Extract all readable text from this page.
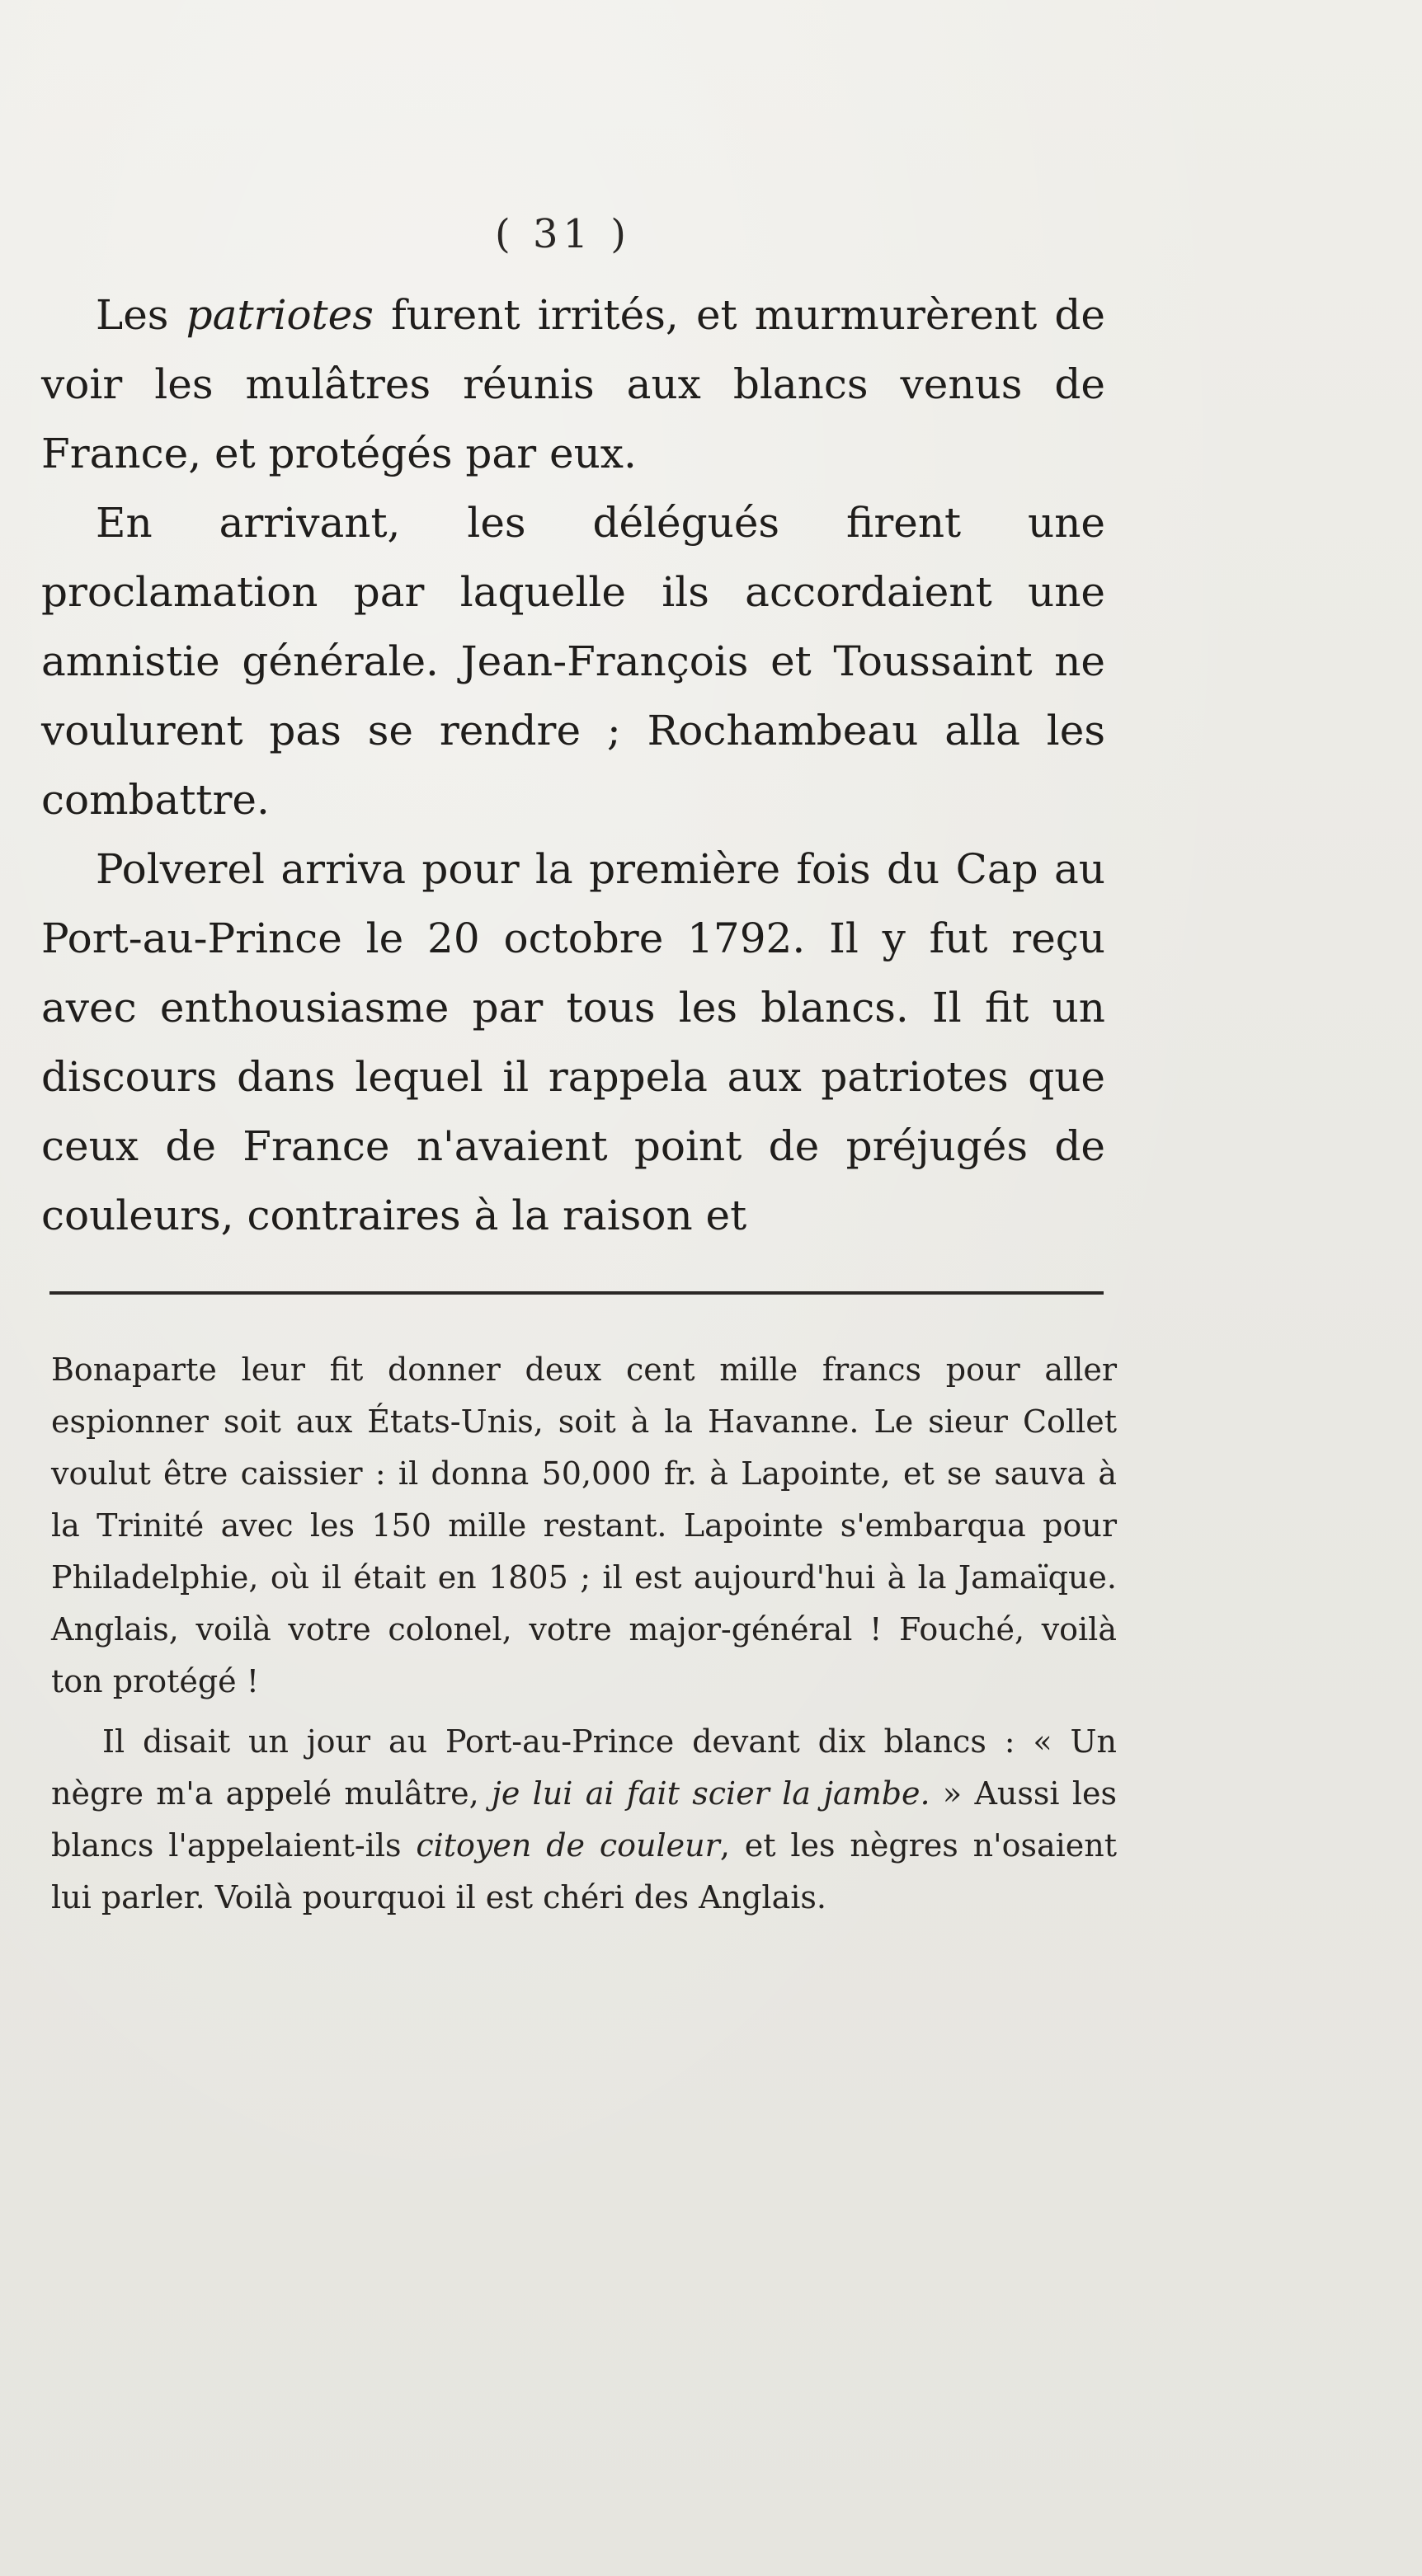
( 31 )

Les patriotes furent irrités, et murmurèrent de voir les mulâtres réunis aux blancs venus de France, et protégés par eux.

En arrivant, les délégués firent une proclamation par laquelle ils accordaient une amnistie générale. Jean-François et Toussaint ne voulurent pas se rendre ; Rochambeau alla les combattre.

Polverel arriva pour la première fois du Cap au Port-au-Prince le 20 octobre 1792. Il y fut reçu avec enthousiasme par tous les blancs. Il fit un discours dans lequel il rappela aux patriotes que ceux de France n'avaient point de préjugés de couleurs, contraires à la raison et

Bonaparte leur fit donner deux cent mille francs pour aller espionner soit aux États-Unis, soit à la Havanne. Le sieur Collet voulut être caissier : il donna 50,000 fr. à Lapointe, et se sauva à la Trinité avec les 150 mille restant. Lapointe s'embarqua pour Philadelphie, où il était en 1805 ; il est aujourd'hui à la Jamaïque. Anglais, voilà votre colonel, votre major-général ! Fouché, voilà ton protégé !

Il disait un jour au Port-au-Prince devant dix blancs : « Un nègre m'a appelé mulâtre, je lui ai fait scier la jambe. » Aussi les blancs l'appelaient-ils citoyen de couleur, et les nègres n'osaient lui parler. Voilà pourquoi il est chéri des Anglais.
